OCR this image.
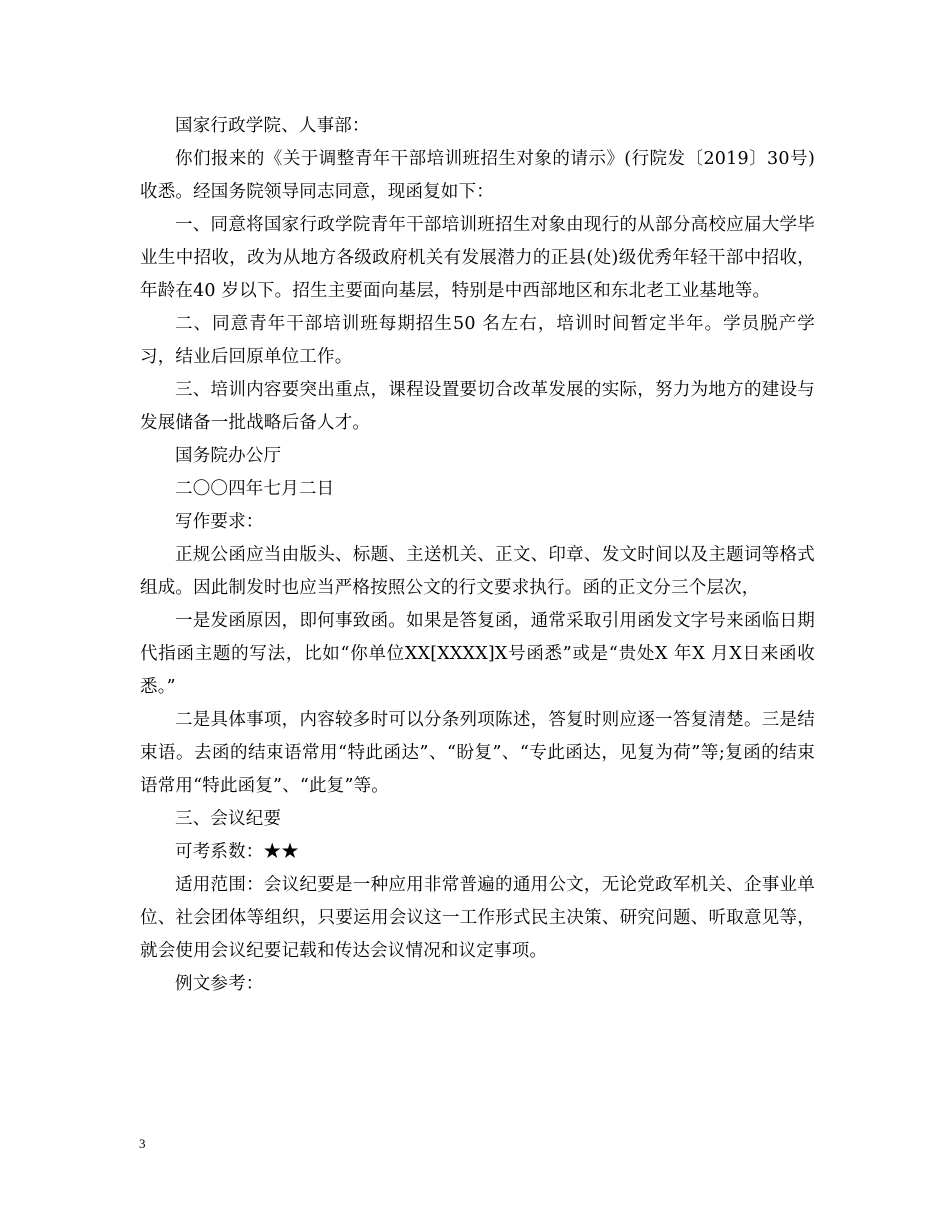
国家行政学院、人事部：

你们报来的《关于调整青年干部培训班招生对象的请示》(行院发〔2019〕30号)收悉。经国务院领导同志同意，现函复如下：

一、同意将国家行政学院青年干部培训班招生对象由现行的从部分高校应届大学毕业生中招收，改为从地方各级政府机关有发展潜力的正县(处)级优秀年轻干部中招收，年龄在40 岁以下。招生主要面向基层，特别是中西部地区和东北老工业基地等。

二、同意青年干部培训班每期招生50 名左右，培训时间暂定半年。学员脱产学习，结业后回原单位工作。

三、培训内容要突出重点，课程设置要切合改革发展的实际，努力为地方的建设与发展储备一批战略后备人才。

国务院办公厅

二〇〇四年七月二日

写作要求：

正规公函应当由版头、标题、主送机关、正文、印章、发文时间以及主题词等格式组成。因此制发时也应当严格按照公文的行文要求执行。函的正文分三个层次，

一是发函原因，即何事致函。如果是答复函，通常采取引用函发文字号来函临日期代指函主题的写法，比如“你单位XX[XXXX]X号函悉”或是“贵处X 年X 月X日来函收悉。”

二是具体事项，内容较多时可以分条列项陈述，答复时则应逐一答复清楚。三是结束语。去函的结束语常用“特此函达”、“盼复”、“专此函达，见复为荷”等;复函的结束语常用“特此函复”、“此复”等。

三、会议纪要

可考系数：★★

适用范围：会议纪要是一种应用非常普遍的通用公文，无论党政军机关、企事业单位、社会团体等组织，只要运用会议这一工作形式民主决策、研究问题、听取意见等，就会使用会议纪要记载和传达会议情况和议定事项。

例文参考：

3
